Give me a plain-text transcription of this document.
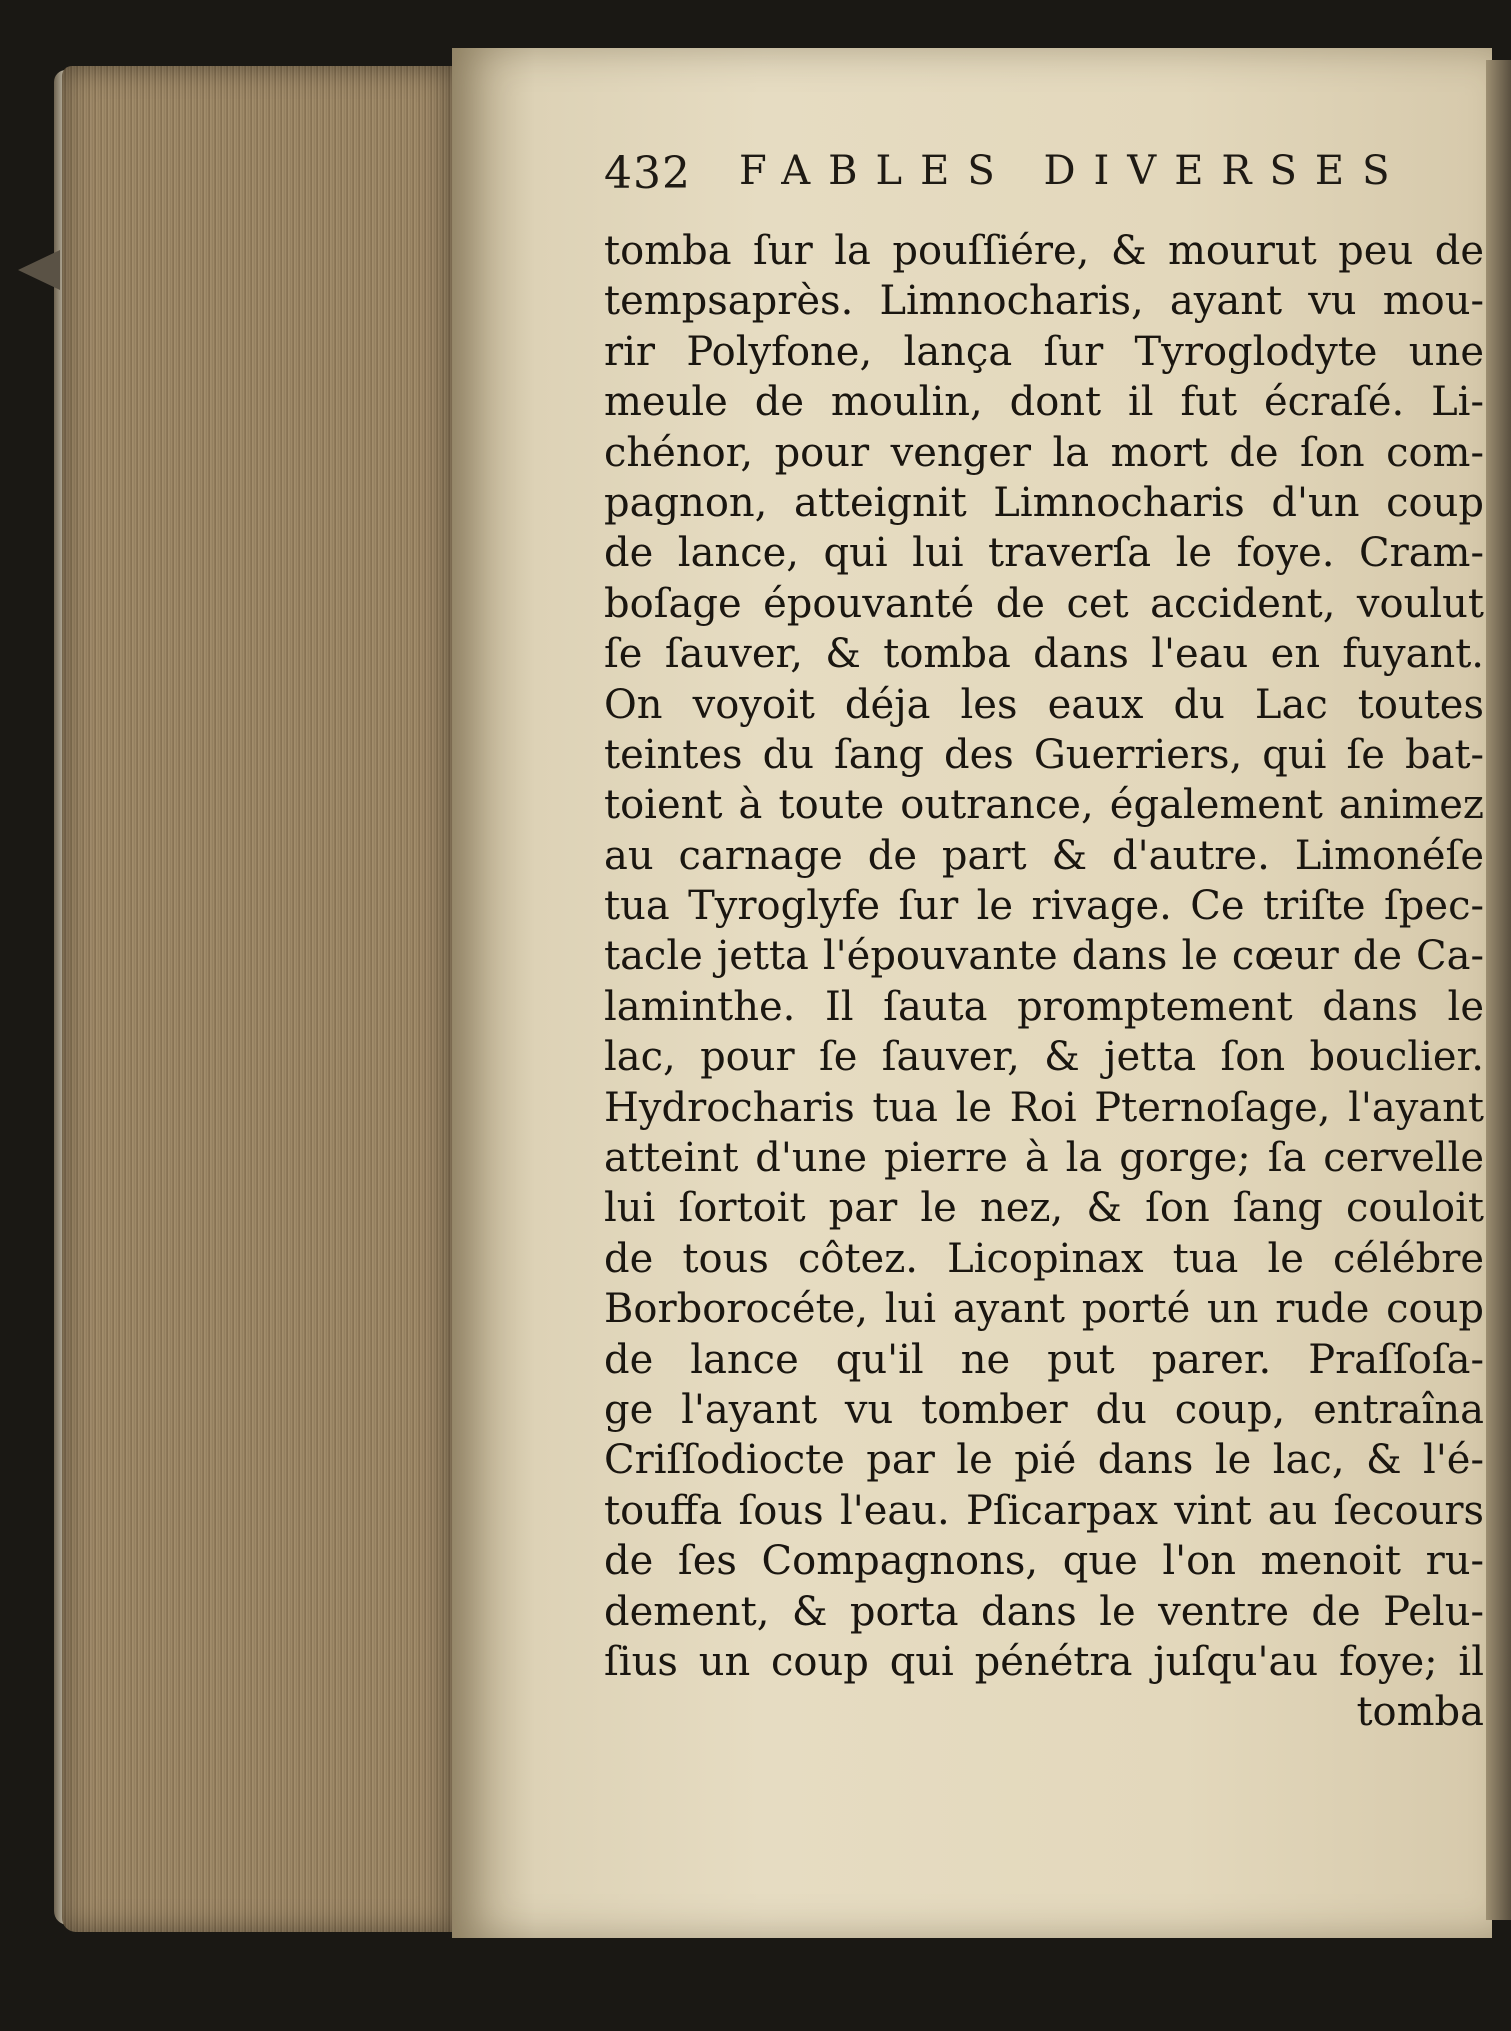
432 FABLES DIVERSES
tomba ſur la pouſſiére, & mourut peu de
tempsaprès. Limnocharis, ayant vu mou-
rir Polyfone, lança ſur Tyroglodyte une
meule de moulin, dont il fut écraſé. Li-
chénor, pour venger la mort de ſon com-
pagnon, atteignit Limnocharis d'un coup
de lance, qui lui traverſa le foye. Cram-
boſage épouvanté de cet accident, voulut
ſe ſauver, & tomba dans l'eau en fuyant.
On voyoit déja les eaux du Lac toutes
teintes du ſang des Guerriers, qui ſe bat-
toient à toute outrance, également animez
au carnage de part & d'autre. Limonéſe
tua Tyroglyfe ſur le rivage. Ce triſte ſpec-
tacle jetta l'épouvante dans le cœur de Ca-
laminthe. Il ſauta promptement dans le
lac, pour ſe ſauver, & jetta ſon bouclier.
Hydrocharis tua le Roi Pternoſage, l'ayant
atteint d'une pierre à la gorge; ſa cervelle
lui ſortoit par le nez, & ſon ſang couloit
de tous côtez. Licopinax tua le célébre
Borborocéte, lui ayant porté un rude coup
de lance qu'il ne put parer. Praſſoſa-
ge l'ayant vu tomber du coup, entraîna
Criſſodiocte par le pié dans le lac, & l'é-
touffa ſous l'eau. Pſicarpax vint au ſecours
de ſes Compagnons, que l'on menoit ru-
dement, & porta dans le ventre de Pelu-
ſius un coup qui pénétra juſqu'au foye; il
tomba
